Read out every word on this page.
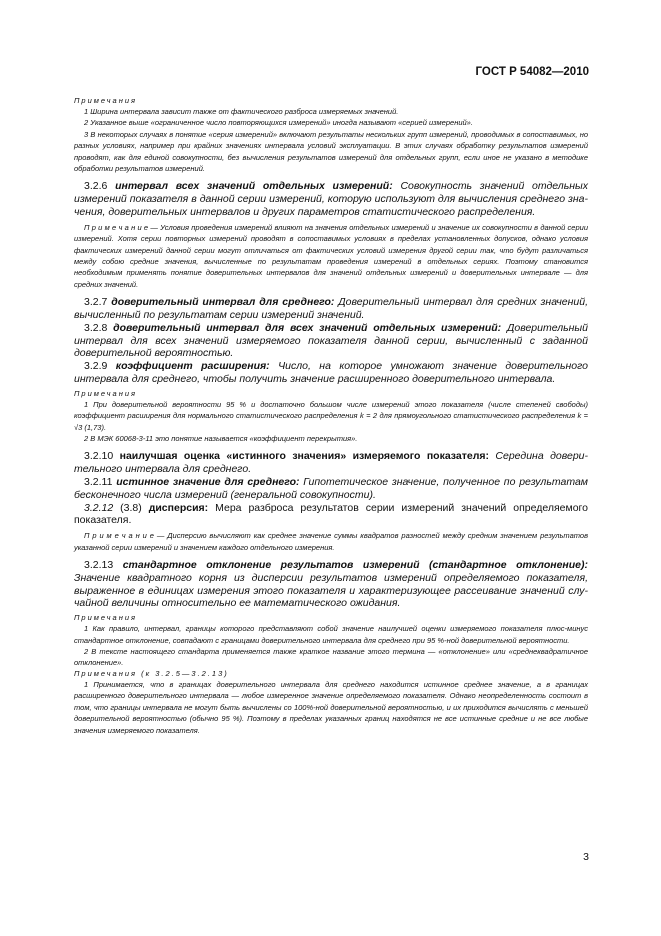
ГОСТ Р 54082—2010

Примечания

1 Ширина интервала зависит также от фактического разброса измеряемых значений.

2 Указанное выше «ограниченное число повторяющихся измерений» иногда называют «серией измерений».

3 В некоторых случаях в понятие «серия измерений» включают результаты нескольких групп измерений, проводимых в сопоставимых, но разных условиях, например при крайних значениях интервала условий эксплуатации. В этих случаях обработку результатов измерений проводят, как для единой совокупности, без вычисления результатов измерений для отдельных групп, если иное не указано в методике обработки результатов измерений.

3.2.6 интервал всех значений отдельных измерений: Совокупность значений отдельных измерений показателя в данной серии измерений, которую используют для вычисления среднего значения, доверительных интервалов и других параметров статистического распределения.

П р и м е ч а н и е — Условия проведения измерений влияют на значения отдельных измерений и значение их совокупности в данной серии измерений. Хотя серии повторных измерений проводят в сопоставимых условиях в пределах установленных допусков, однако условия фактических измерений данной серии могут отличаться от фактических условий измерения другой серии так, что будут различаться между собою средние значения, вычисленные по результатам проведения измерений в отдельных сериях. Поэтому становится необходимым применять понятие доверительных интервалов для значений отдельных измерений и доверительных интервале — для средних значений.

3.2.7 доверительный интервал для среднего: Доверительный интервал для средних значений, вычисленный по результатам серии измерений значений.

3.2.8 доверительный интервал для всех значений отдельных измерений: Доверительный интервал для всех значений измеряемого показателя данной серии, вычисленный с заданной доверительной вероятностью.

3.2.9 коэффициент расширения: Число, на которое умножают значение доверительного интервала для среднего, чтобы получить значение расширенного доверительного интервала.

Примечания

1 При доверительной вероятности 95 % и достаточно большом числе измерений этого показателя (числе степеней свободы) коэффициент расширения для нормального статистического распределения k = 2 для прямоугольного статистического распределения k = √3 (1,73).

2 В МЭК 60068-3-11 это понятие называется «коэффициент перекрытия».

3.2.10 наилучшая оценка «истинного значения» измеряемого показателя: Середина доверительного интервала для среднего.

3.2.11 истинное значение для среднего: Гипотетическое значение, полученное по результатам бесконечного числа измерений (генеральной совокупности).

3.2.12 (3.8) дисперсия: Мера разброса результатов серии измерений значений определяемого показателя.

П р и м е ч а н и е — Дисперсию вычисляют как среднее значение суммы квадратов разностей между средним значением результатов указанной серии измерений и значением каждого отдельного измерения.

3.2.13 стандартное отклонение результатов измерений (стандартное отклонение): Значение квадратного корня из дисперсии результатов измерений определяемого показателя, выраженное в единицах измерения этого показателя и характеризующее рассеивание значений случайной величины относительно ее математического ожидания.

Примечания

1 Как правило, интервал, границы которого представляют собой значение наилучшей оценки измеряемого показателя плюс-минус стандартное отклонение, совпадают с границами доверительного интервала для среднего при 95 %-ной доверительной вероятности.

2 В тексте настоящего стандарта применяется также краткое название этого термина — «отклонение» или «среднеквадратичное отклонение».

Примечания (к 3.2.5—3.2.13)

1 Принимается, что в границах доверительного интервала для среднего находится истинное среднее значение, а в границах расширенного доверительного интервала — любое измеренное значение определяемого показателя. Однако неопределенность состоит в том, что границы интервала не могут быть вычислены со 100%-ной доверительной вероятностью, и их приходится вычислять с меньшей доверительной вероятностью (обычно 95 %). Поэтому в пределах указанных границ находятся не все истинные средние и не все любые значения измеряемого показателя.

3
